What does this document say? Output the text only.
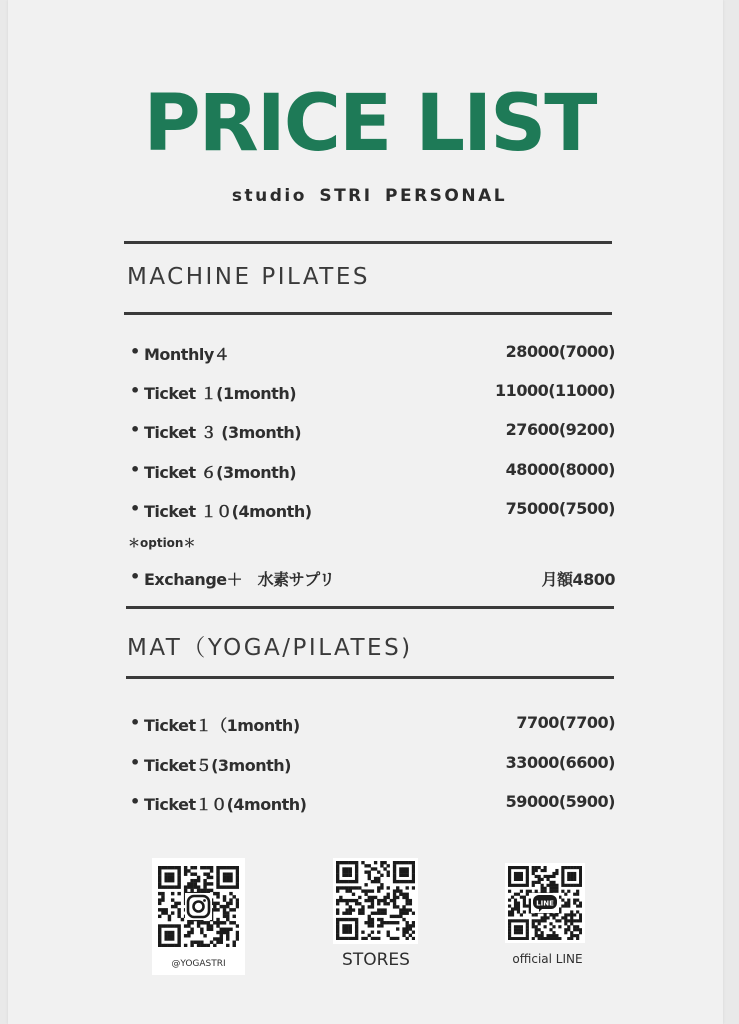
PRICE LIST
studio STRI PERSONAL
MACHINE PILATES
• Monthly４	28000(7000)
• Ticket １(1month)	11000(11000)
• Ticket ３ (3month)	27600(9200)
• Ticket ６(3month)	48000(8000)
• Ticket １０(4month)	75000(7500)
＊option＊
• Exchange＋　水素サプリ	月額4800
MAT（YOGA/PILATES)
• Ticket１（1month)	7700(7700)
• Ticket５(3month)	33000(6600)
• Ticket１０(4month)	59000(5900)
@YOGASTRI	STORES
LINE
official LINE
